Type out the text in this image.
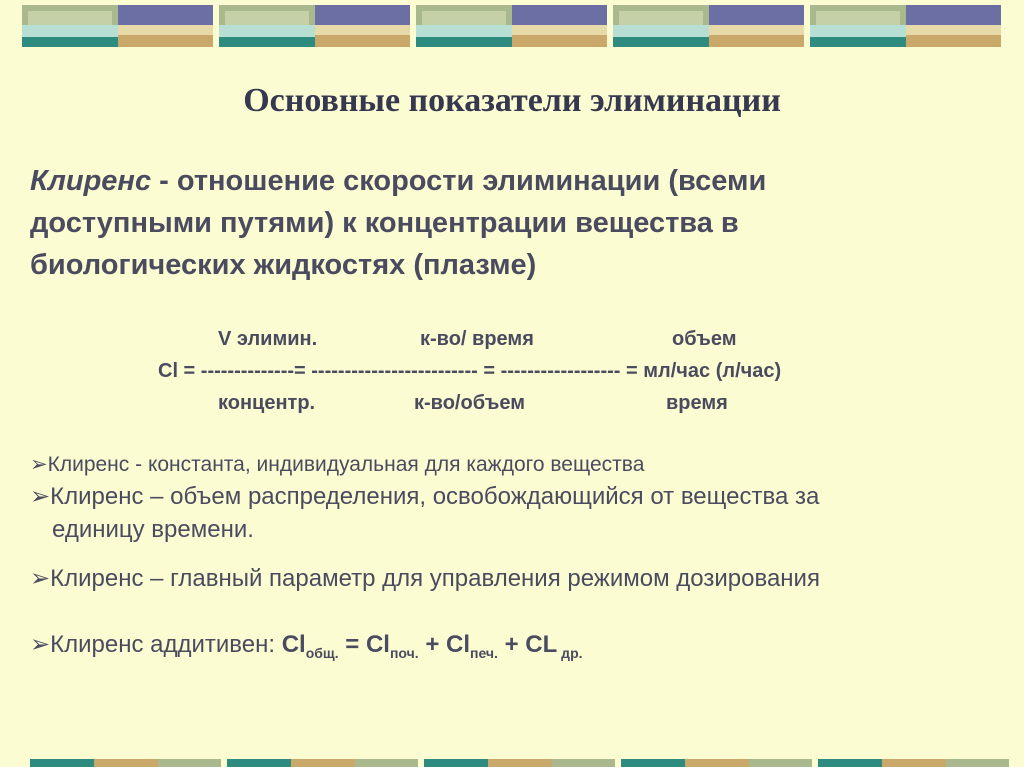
Основные показатели элиминации

Клиренс - отношение скорости элиминации (всеми доступными путями) к концентрации вещества в биологических жидкостях (плазме)

V элимин.	к-во/ время	объем
Cl = --------------= ------------------------- = ------------------ = мл/час (л/час)
концентр.	к-во/объем	время

➢Клиренс - константа, индивидуальная для каждого вещества

➢Клиренс – объем распределения, освобождающийся от вещества за

единицу времени.

➢Клиренс – главный параметр для управления режимом дозирования

➢Клиренс аддитивен: $Cl_{общ.} = Cl_{поч.} + Cl_{печ.}$ + CL $_{др.}$
